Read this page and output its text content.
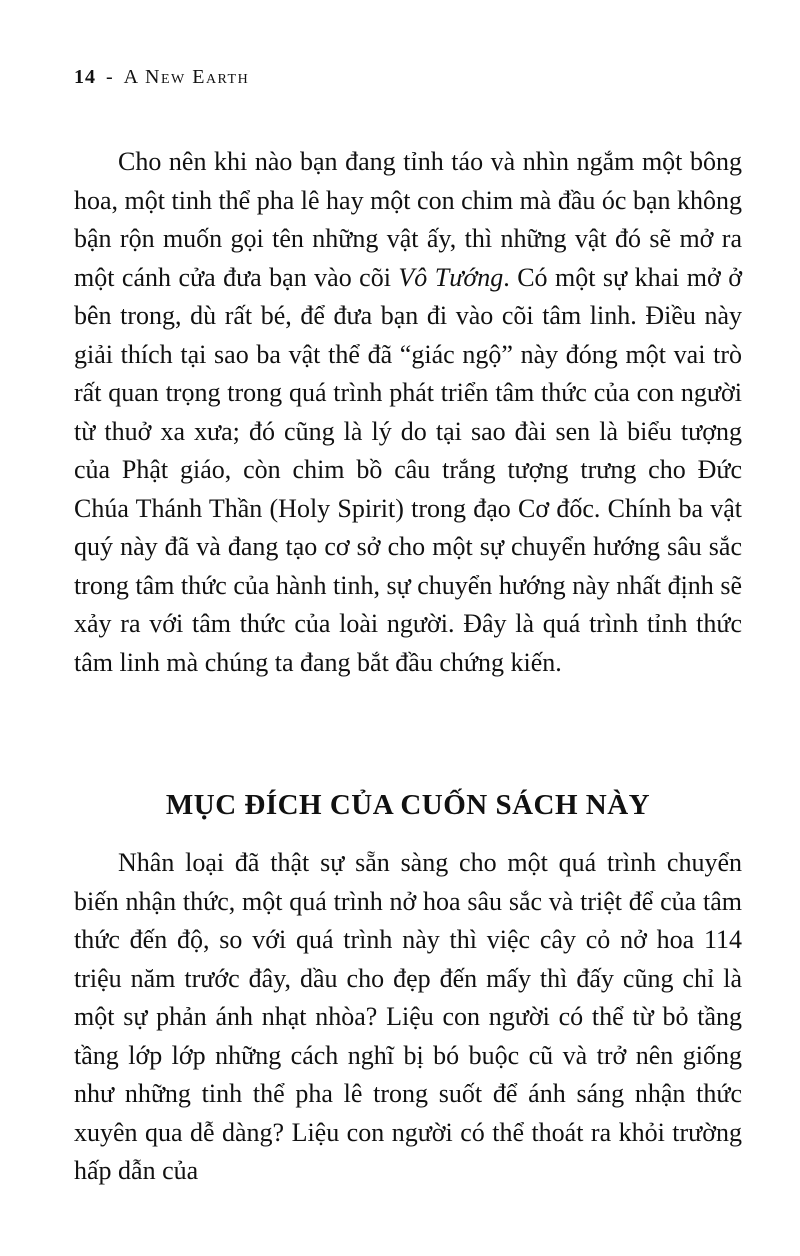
14 - A New Earth

Cho nên khi nào bạn đang tỉnh táo và nhìn ngắm một bông hoa, một tinh thể pha lê hay một con chim mà đầu óc bạn không bận rộn muốn gọi tên những vật ấy, thì những vật đó sẽ mở ra một cánh cửa đưa bạn vào cõi Vô Tướng. Có một sự khai mở ở bên trong, dù rất bé, để đưa bạn đi vào cõi tâm linh. Điều này giải thích tại sao ba vật thể đã “giác ngộ” này đóng một vai trò rất quan trọng trong quá trình phát triển tâm thức của con người từ thuở xa xưa; đó cũng là lý do tại sao đài sen là biểu tượng của Phật giáo, còn chim bồ câu trắng tượng trưng cho Đức Chúa Thánh Thần (Holy Spirit) trong đạo Cơ đốc. Chính ba vật quý này đã và đang tạo cơ sở cho một sự chuyển hướng sâu sắc trong tâm thức của hành tinh, sự chuyển hướng này nhất định sẽ xảy ra với tâm thức của loài người. Đây là quá trình tỉnh thức tâm linh mà chúng ta đang bắt đầu chứng kiến.

MỤC ĐÍCH CỦA CUỐN SÁCH NÀY

Nhân loại đã thật sự sẵn sàng cho một quá trình chuyển biến nhận thức, một quá trình nở hoa sâu sắc và triệt để của tâm thức đến độ, so với quá trình này thì việc cây cỏ nở hoa 114 triệu năm trước đây, dầu cho đẹp đến mấy thì đấy cũng chỉ là một sự phản ánh nhạt nhòa? Liệu con người có thể từ bỏ tầng tầng lớp lớp những cách nghĩ bị bó buộc cũ và trở nên giống như những tinh thể pha lê trong suốt để ánh sáng nhận thức xuyên qua dễ dàng? Liệu con người có thể thoát ra khỏi trường hấp dẫn của
